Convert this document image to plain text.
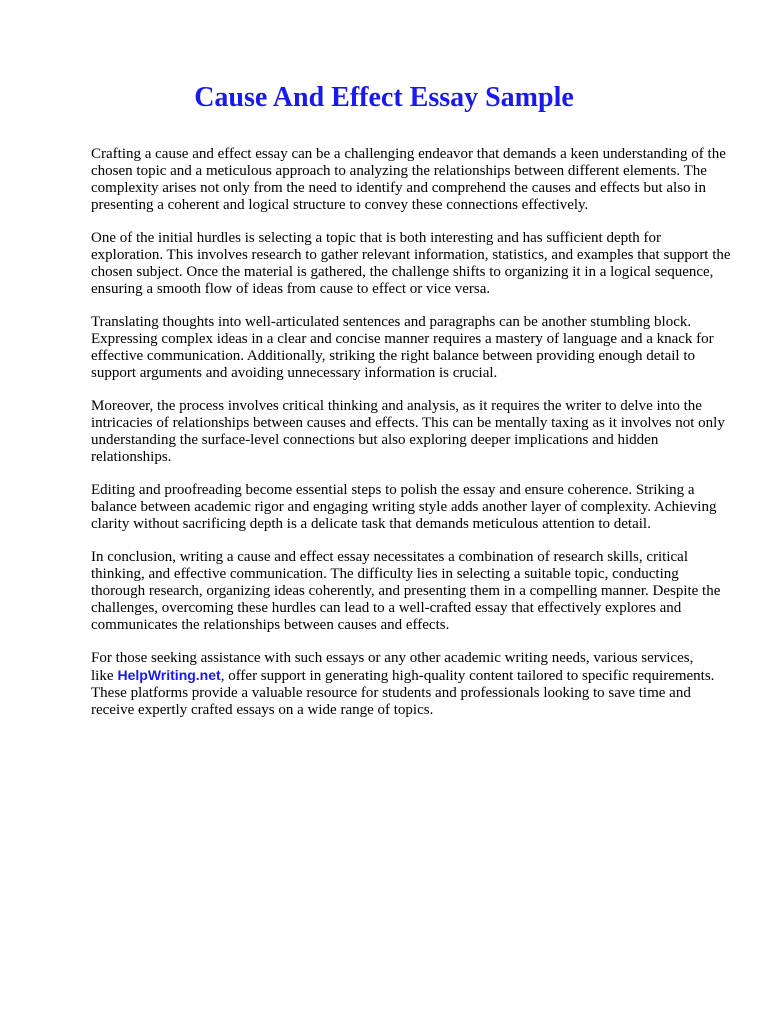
Cause And Effect Essay Sample

Crafting a cause and effect essay can be a challenging endeavor that demands a keen understanding of the chosen topic and a meticulous approach to analyzing the relationships between different elements. The complexity arises not only from the need to identify and comprehend the causes and effects but also in presenting a coherent and logical structure to convey these connections effectively.

One of the initial hurdles is selecting a topic that is both interesting and has sufficient depth for exploration. This involves research to gather relevant information, statistics, and examples that support the chosen subject. Once the material is gathered, the challenge shifts to organizing it in a logical sequence, ensuring a smooth flow of ideas from cause to effect or vice versa.

Translating thoughts into well-articulated sentences and paragraphs can be another stumbling block. Expressing complex ideas in a clear and concise manner requires a mastery of language and a knack for effective communication. Additionally, striking the right balance between providing enough detail to support arguments and avoiding unnecessary information is crucial.

Moreover, the process involves critical thinking and analysis, as it requires the writer to delve into the intricacies of relationships between causes and effects. This can be mentally taxing as it involves not only understanding the surface-level connections but also exploring deeper implications and hidden relationships.

Editing and proofreading become essential steps to polish the essay and ensure coherence. Striking a balance between academic rigor and engaging writing style adds another layer of complexity. Achieving clarity without sacrificing depth is a delicate task that demands meticulous attention to detail.

In conclusion, writing a cause and effect essay necessitates a combination of research skills, critical thinking, and effective communication. The difficulty lies in selecting a suitable topic, conducting thorough research, organizing ideas coherently, and presenting them in a compelling manner. Despite the challenges, overcoming these hurdles can lead to a well-crafted essay that effectively explores and communicates the relationships between causes and effects.

For those seeking assistance with such essays or any other academic writing needs, various services, like HelpWriting.net, offer support in generating high-quality content tailored to specific requirements. These platforms provide a valuable resource for students and professionals looking to save time and receive expertly crafted essays on a wide range of topics.
